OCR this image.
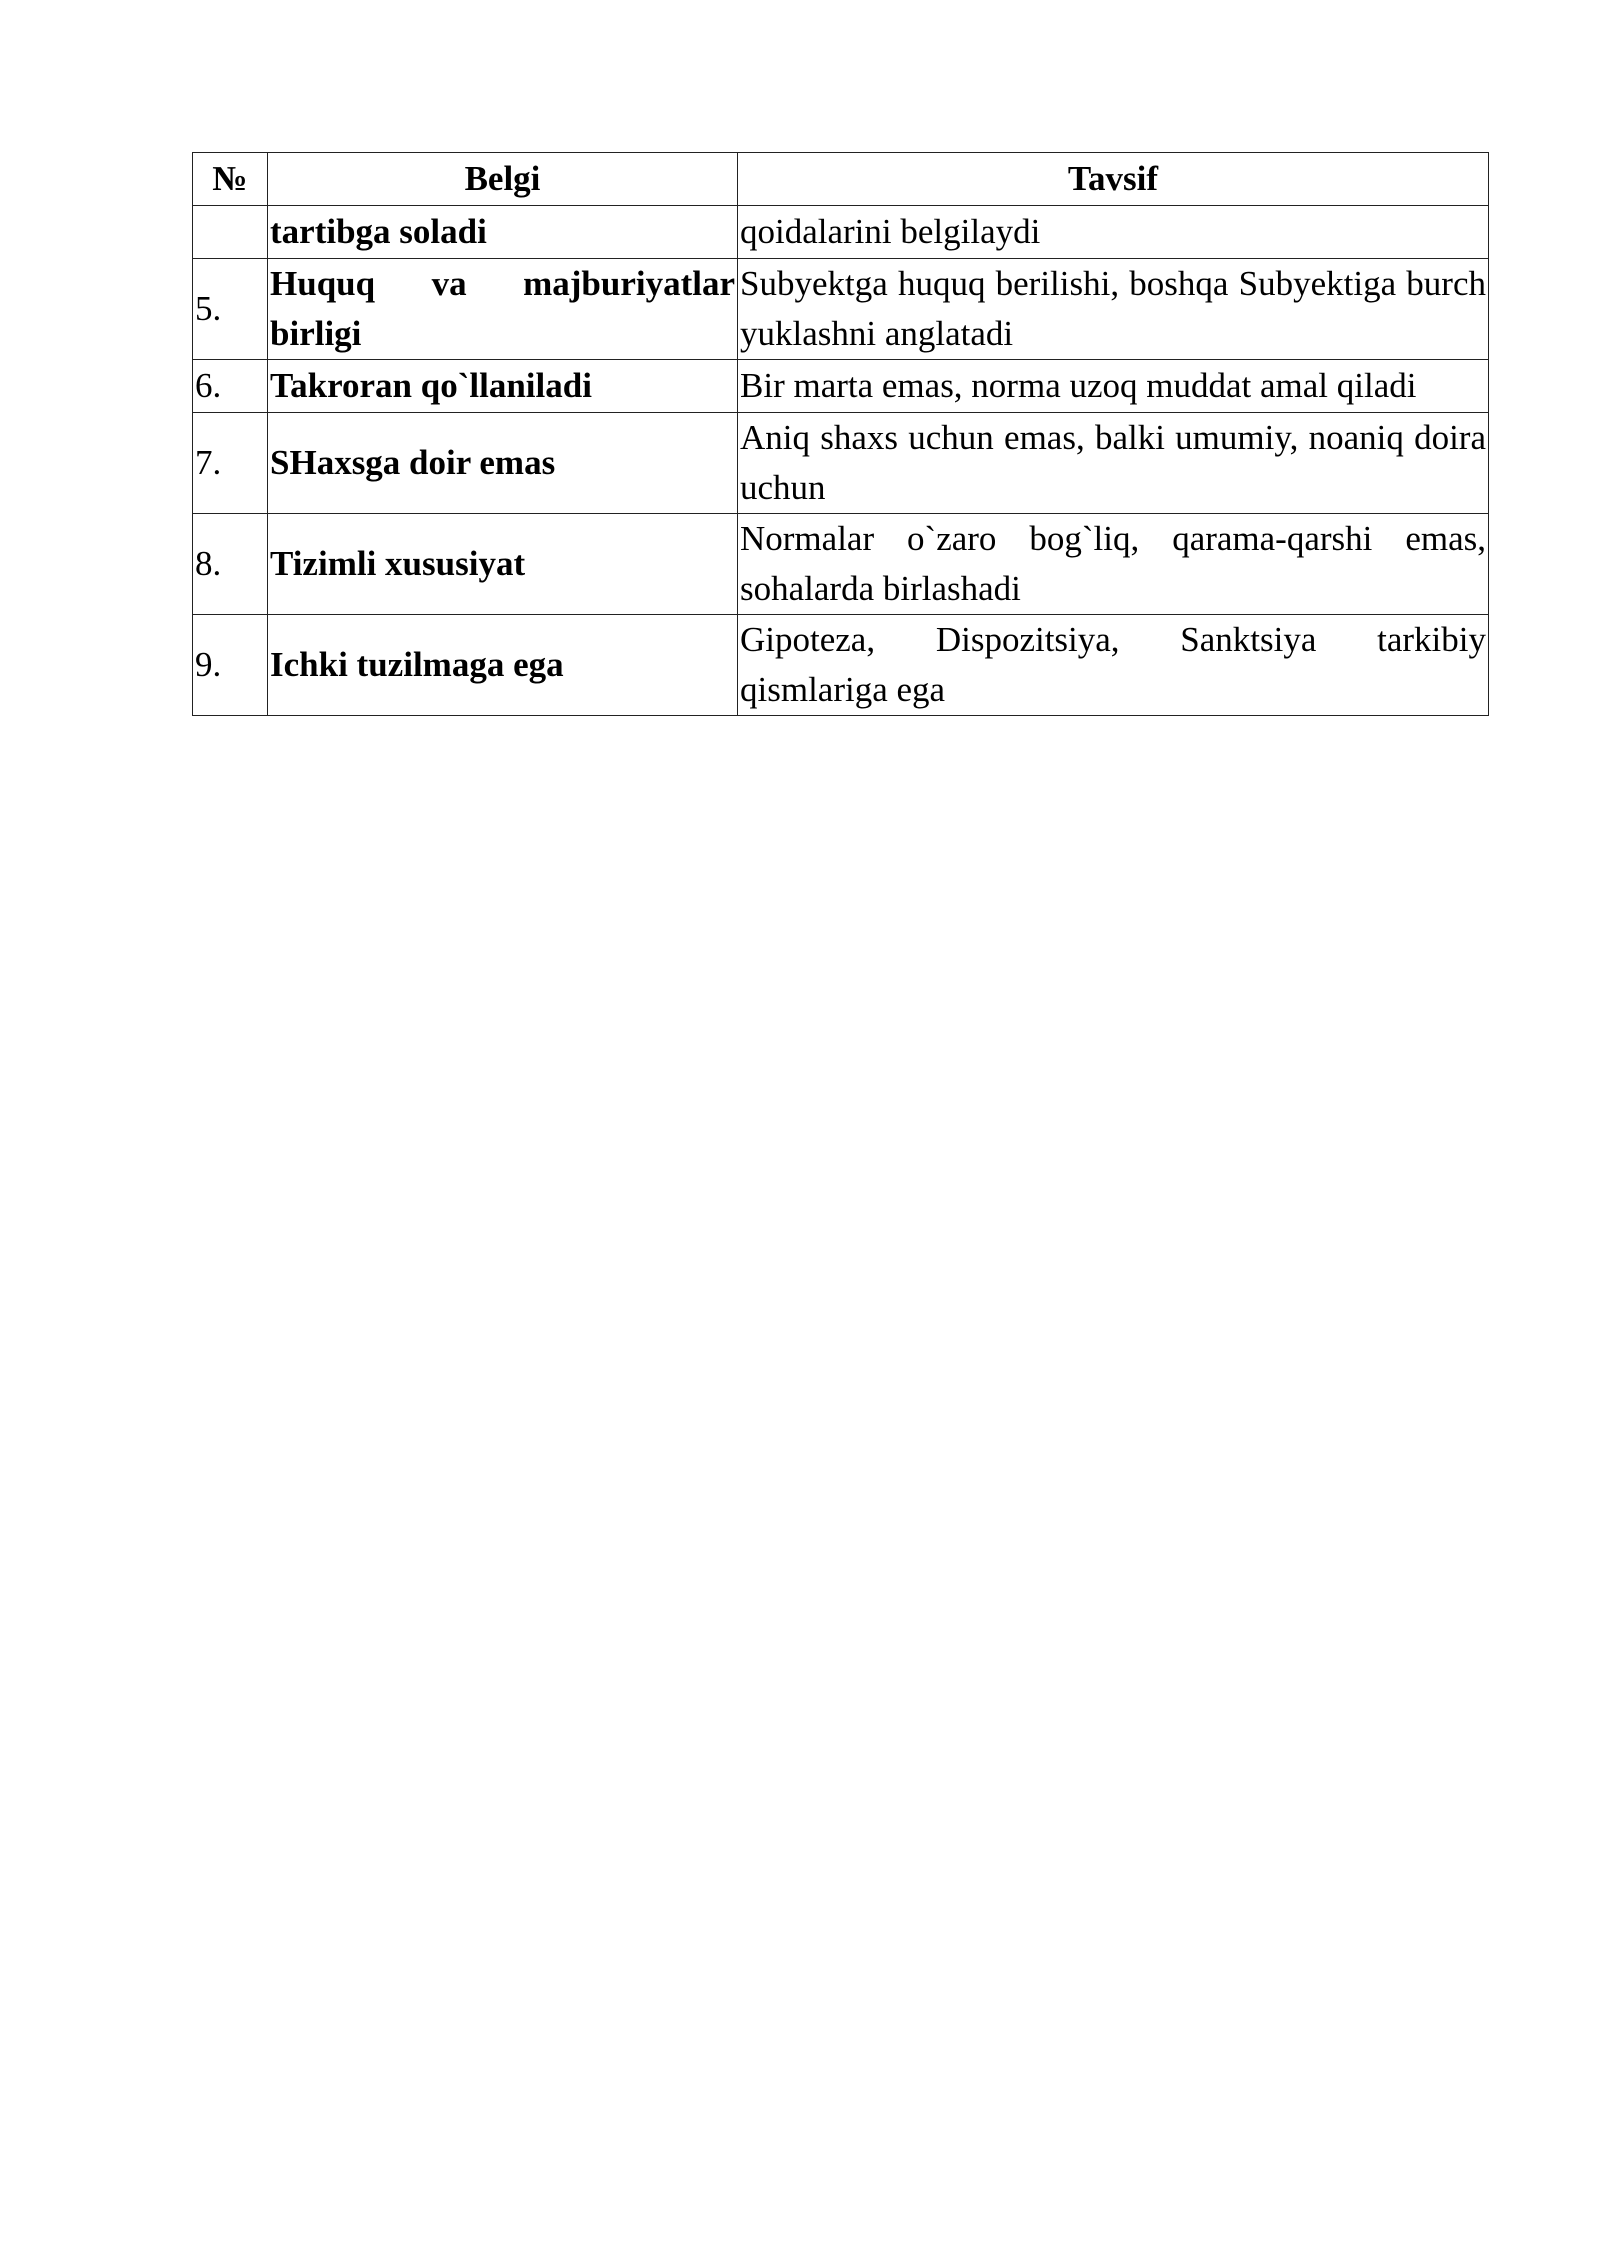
№	Belgi	Tavsif
	tartibga soladi	qoidalarini belgilaydi
5.	Huquq va majburiyatlar birligi	Subyektga huquq berilishi, boshqa Subyektiga burch yuklashni anglatadi
6.	Takroran qo`llaniladi	Bir marta emas, norma uzoq muddat amal qiladi
7.	SHaxsga doir emas	Aniq shaxs uchun emas, balki umumiy, noaniq doira uchun
8.	Tizimli xususiyat	Normalar o`zaro bog`liq, qarama-qarshi emas, sohalarda birlashadi
9.	Ichki tuzilmaga ega	Gipoteza, Dispozitsiya, Sanktsiya tarkibiy qismlariga ega
